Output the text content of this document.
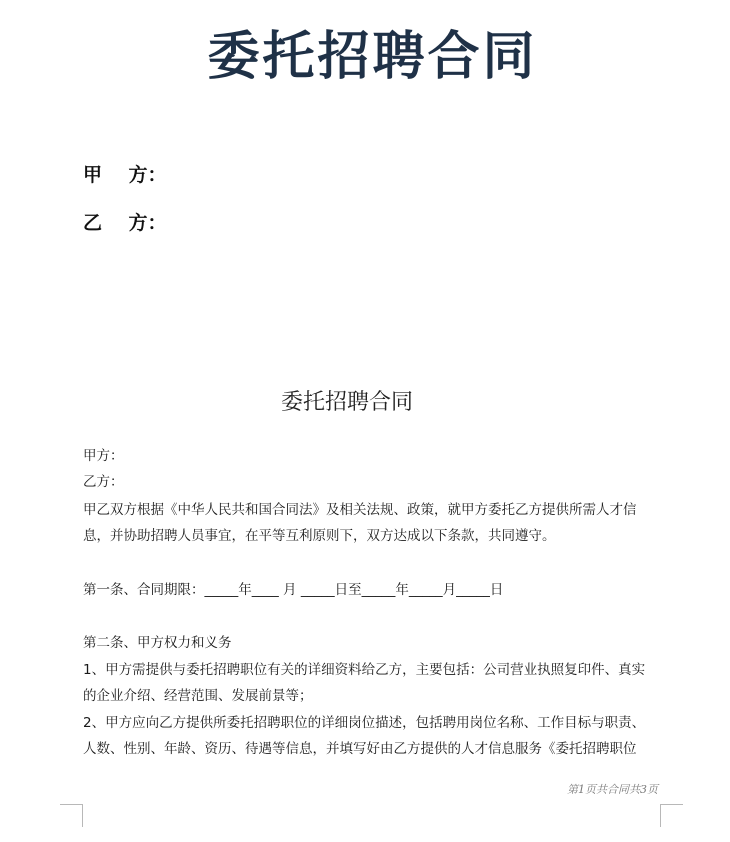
委托招聘合同
甲    方：
乙    方：
委托招聘合同
甲方：
乙方：
甲乙双方根据《中华人民共和国合同法》及相关法规、政策，就甲方委托乙方提供所需人才信
息，并协助招聘人员事宜，在平等互利原则下，双方达成以下条款，共同遵守。
第一条、合同期限：_____年____ 月 _____日至_____年_____月_____日
第二条、甲方权力和义务
1、甲方需提供与委托招聘职位有关的详细资料给乙方，主要包括：公司营业执照复印件、真实
的企业介绍、经营范围、发展前景等；
2、甲方应向乙方提供所委托招聘职位的详细岗位描述，包括聘用岗位名称、工作目标与职责、
人数、性别、年龄、资历、待遇等信息，并填写好由乙方提供的人才信息服务《委托招聘职位
第1页共合同共3页
